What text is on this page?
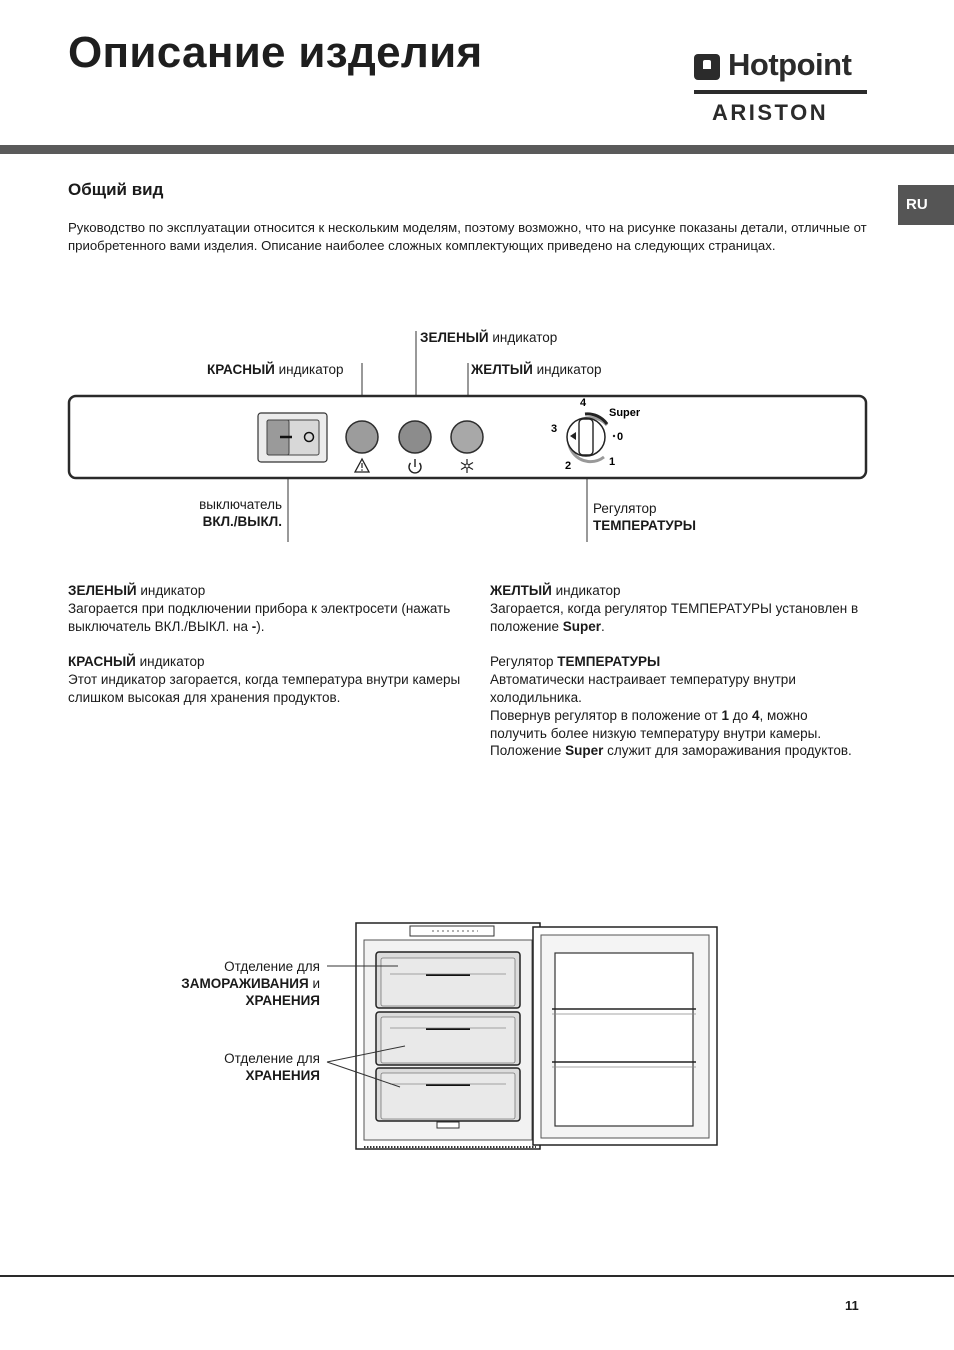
Описание изделия	Hotpoint
ARISTON
RU
Общий вид
Руководство по эксплуатации относится к нескольким моделям, поэтому возможно, что на рисунке показаны детали, отличные от приобретенного вами изделия. Описание наиболее сложных комплектующих приведено на следующих страницах.
4
Super
3
0
2	1
ЗЕЛЕНЫЙ индикатор
КРАСНЫЙ индикатор	ЖЕЛТЫЙ индикатор
выключатель
ВКЛ./ВЫКЛ.
Регулятор
ТЕМПЕРАТУРЫ

ЗЕЛЕНЫЙ индикатор
Загорается при подключении прибора к электросети (нажать выключатель ВКЛ./ВЫКЛ. на -).

КРАСНЫЙ индикатор
Этот индикатор загорается, когда температура внутри камеры слишком высокая для хранения продуктов.

ЖЕЛТЫЙ индикатор
Загорается, когда регулятор ТЕМПЕРАТУРЫ установлен в положение Super.

Регулятор ТЕМПЕРАТУРЫ
Автоматически настраивает температуру внутри холодильника.
Повернув регулятор в положение от 1 до 4, можно получить более низкую температуру внутри камеры.
Положение Super служит для замораживания продуктов.

Отделение для
ЗАМОРАЖИВАНИЯ и
ХРАНЕНИЯ
Отделение для
ХРАНЕНИЯ
11
